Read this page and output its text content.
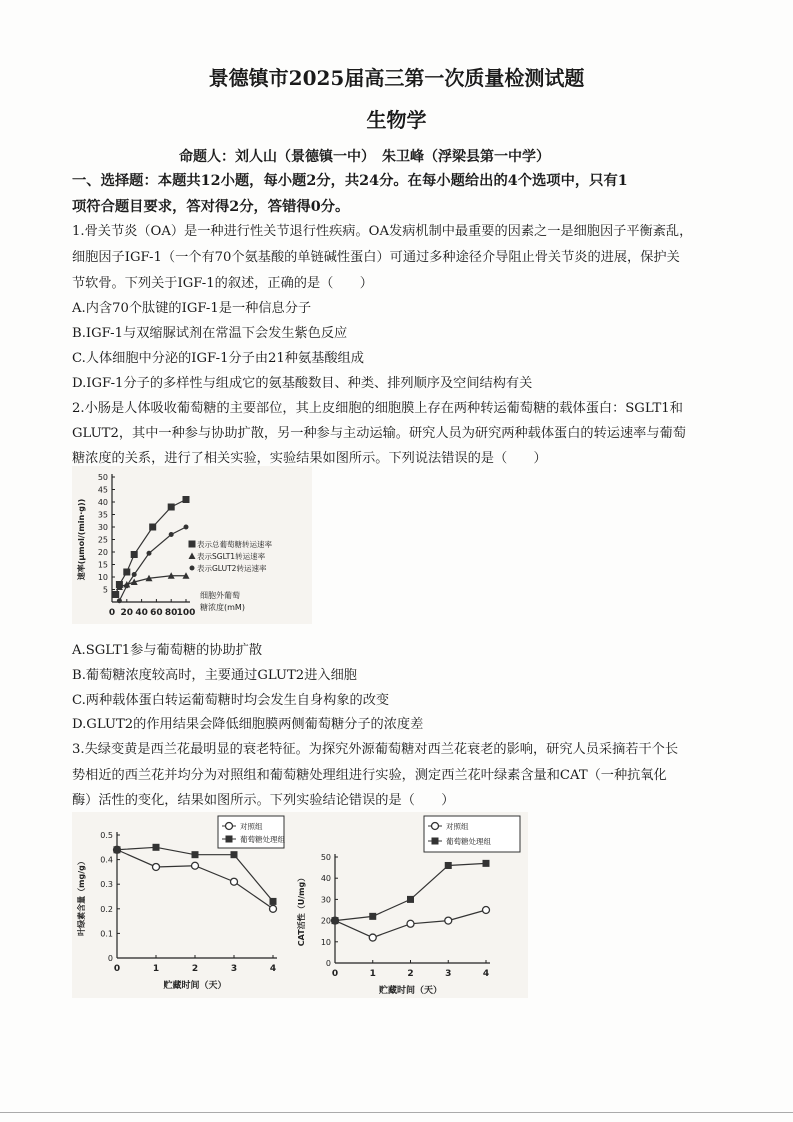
景德镇市2025届高三第一次质量检测试题
生物学
命题人：刘人山（景德镇一中）　朱卫峰（浮梁县第一中学）
一、选择题：本题共12小题，每小题2分，共24分。在每小题给出的4个选项中，只有1
项符合题目要求，答对得2分，答错得0分。
1.骨关节炎（OA）是一种进行性关节退行性疾病。OA发病机制中最重要的因素之一是细胞因子平衡紊乱，
细胞因子IGF-1（一个有70个氨基酸的单链碱性蛋白）可通过多种途径介导阻止骨关节炎的进展，保护关
节软骨。下列关于IGF-1的叙述，正确的是（　　）
A.内含70个肽键的IGF-1是一种信息分子
B.IGF-1与双缩脲试剂在常温下会发生紫色反应
C.人体细胞中分泌的IGF-1分子由21种氨基酸组成
D.IGF-1分子的多样性与组成它的氨基酸数目、种类、排列顺序及空间结构有关
2.小肠是人体吸收葡萄糖的主要部位，其上皮细胞的细胞膜上存在两种转运葡萄糖的载体蛋白：SGLT1和
GLUT2，其中一种参与协助扩散，另一种参与主动运输。研究人员为研究两种载体蛋白的转运速率与葡萄
糖浓度的关系，进行了相关实验，实验结果如图所示。下列说法错误的是（　　）
0 20 40 60 80 100
5
10
15
20
25
30
35
40
45
50
细胞外葡萄
糖浓度(mM)
速率(μmol/(min·g))	表示总葡萄糖转运速率
表示SGLT1转运速率
表示GLUT2转运速率
A.SGLT1参与葡萄糖的协助扩散
B.葡萄糖浓度较高时，主要通过GLUT2进入细胞
C.两种载体蛋白转运葡萄糖时均会发生自身构象的改变
D.GLUT2的作用结果会降低细胞膜两侧葡萄糖分子的浓度差
3.失绿变黄是西兰花最明显的衰老特征。为探究外源葡萄糖对西兰花衰老的影响，研究人员采摘若干个长
势相近的西兰花并均分为对照组和葡萄糖处理组进行实验，测定西兰花叶绿素含量和CAT（一种抗氧化
酶）活性的变化，结果如图所示。下列实验结论错误的是（　　）
0	1	2	3	4
0
0.1
0.2
0.3
0.4
0.5
贮藏时间（天）
叶绿素含量（mg/g）
对照组
葡萄糖处理组
0	1	2	3	4
0
10
20
30
40
50
贮藏时间（天）
CAT活性（U/mg）
对照组
葡萄糖处理组
